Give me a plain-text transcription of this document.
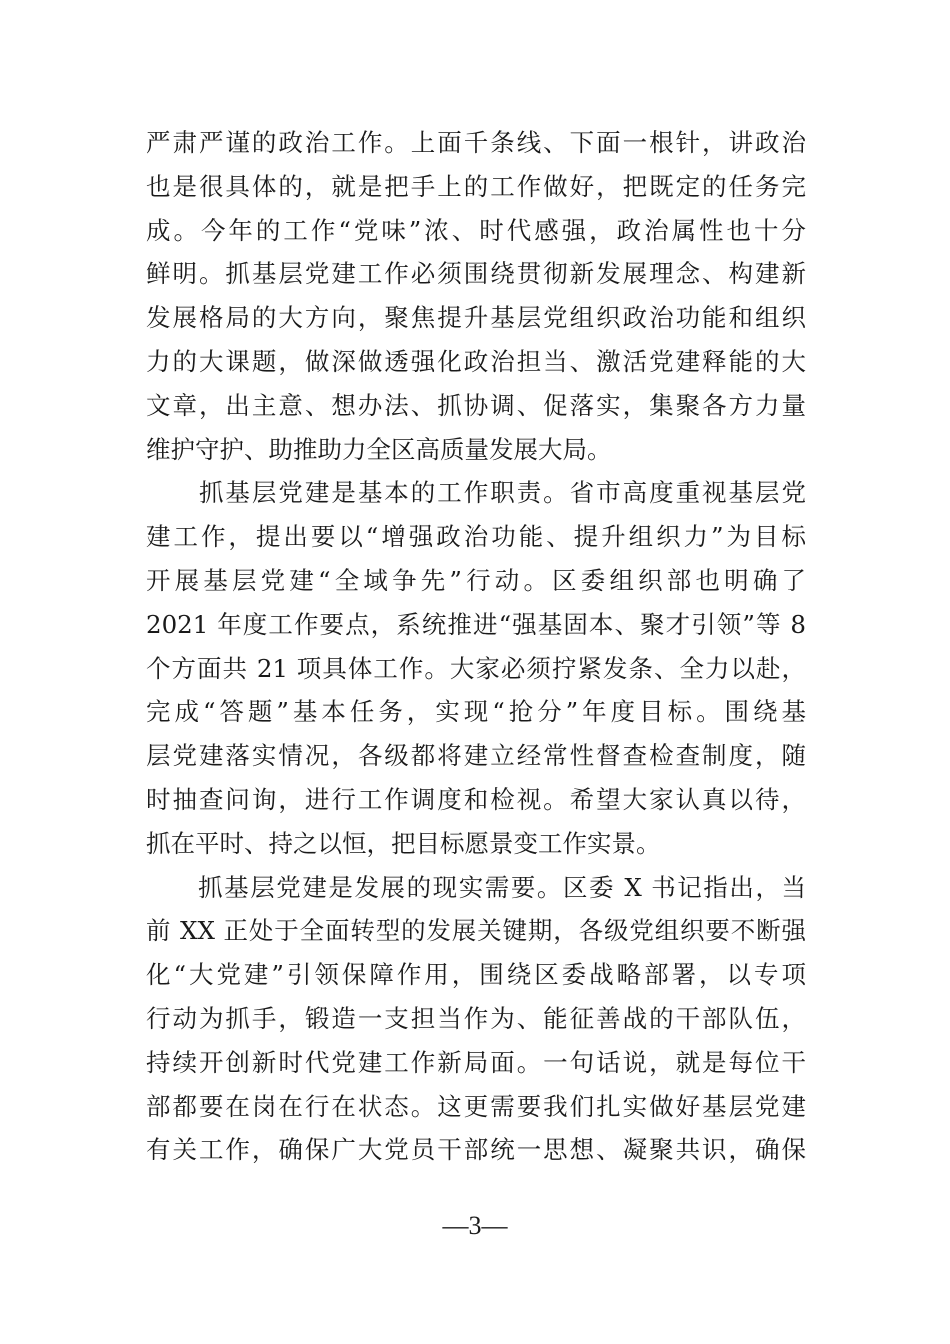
严肃严谨的政治工作。上面千条线、下面一根针，讲政治
也是很具体的，就是把手上的工作做好，把既定的任务完
成。今年的工作“党味”浓、时代感强，政治属性也十分
鲜明。抓基层党建工作必须围绕贯彻新发展理念、构建新
发展格局的大方向，聚焦提升基层党组织政治功能和组织
力的大课题，做深做透强化政治担当、激活党建释能的大
文章，出主意、想办法、抓协调、促落实，集聚各方力量
维护守护、助推助力全区高质量发展大局。
　　抓基层党建是基本的工作职责。省市高度重视基层党
建工作，提出要以“增强政治功能、提升组织力”为目标
开展基层党建“全域争先”行动。区委组织部也明确了
2021 年度工作要点，系统推进“强基固本、聚才引领”等 8
个方面共 21 项具体工作。大家必须拧紧发条、全力以赴，
完成“答题”基本任务，实现“抢分”年度目标。围绕基
层党建落实情况，各级都将建立经常性督查检查制度，随
时抽查问询，进行工作调度和检视。希望大家认真以待，
抓在平时、持之以恒，把目标愿景变工作实景。
　　抓基层党建是发展的现实需要。区委 X 书记指出，当
前 XX 正处于全面转型的发展关键期，各级党组织要不断强
化“大党建”引领保障作用，围绕区委战略部署，以专项
行动为抓手，锻造一支担当作为、能征善战的干部队伍，
持续开创新时代党建工作新局面。一句话说，就是每位干
部都要在岗在行在状态。这更需要我们扎实做好基层党建
有关工作，确保广大党员干部统一思想、凝聚共识，确保
—3—
